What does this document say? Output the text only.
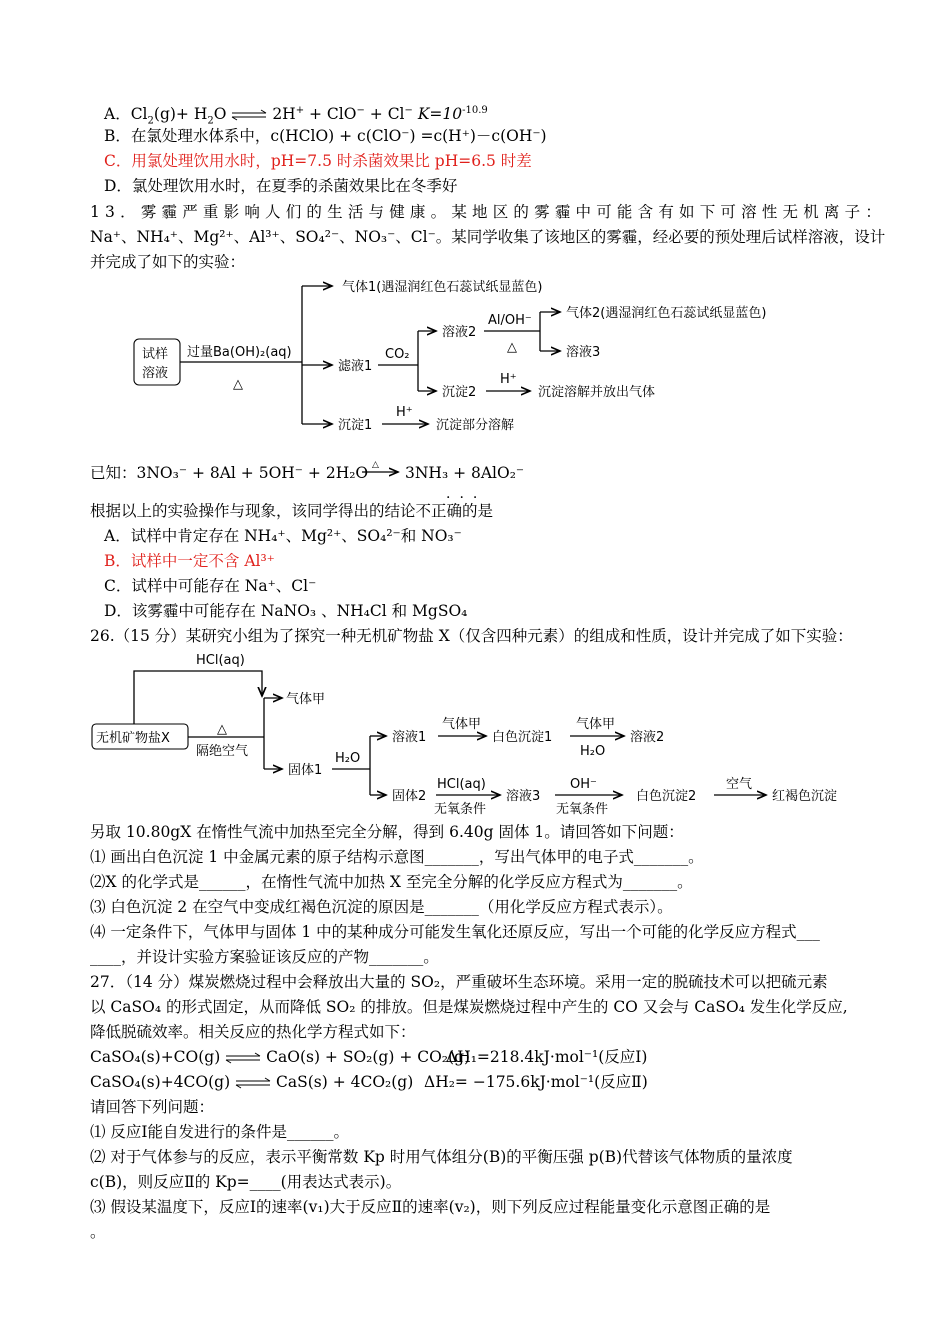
A．$Cl_2(g)+ H_2O$ ⇌ 2H+ + ClO− + Cl− $K=10^{-10.9}$
B．在氯处理水体系中，c(HClO) + c(ClO⁻) =c(H⁺)－c(OH⁻)
C．用氯处理饮用水时，pH=7.5 时杀菌效果比 pH=6.5 时差
D．氯处理饮用水时，在夏季的杀菌效果比在冬季好
13．雾霾严重影响人们的生活与健康。某地区的雾霾中可能含有如下可溶性无机离子：
Na⁺、NH₄⁺、Mg²⁺、Al³⁺、SO₄²⁻、NO₃⁻、Cl⁻。某同学收集了该地区的雾霾，经必要的预处理后试样溶液，设计
并完成了如下的实验：
试样
溶液
过量Ba(OH)₂(aq)
△
气体1(遇湿润红色石蕊试纸显蓝色)
滤液1
CO₂
溶液2
Al/OH⁻
△
气体2(遇湿润红色石蕊试纸显蓝色)
溶液3
沉淀2
H⁺
沉淀溶解并放出气体
沉淀1
H⁺
沉淀部分溶解
△
已知：3NO₃⁻ + 8Al + 5OH⁻ + 2H₂O 3NH₃ + 8AlO₂⁻
···
根据以上的实验操作与现象，该同学得出的结论不正确的是
A．试样中肯定存在 NH₄⁺、Mg²⁺、SO₄²⁻和 NO₃⁻
B．试样中一定不含 Al³⁺
C．试样中可能存在 Na⁺、Cl⁻
D．该雾霾中可能存在 NaNO₃ 、NH₄Cl 和 MgSO₄
26.（15 分）某研究小组为了探究一种无机矿物盐 X（仅含四种元素）的组成和性质，设计并完成了如下实验：
HCl(aq)
无机矿物盐X
△
隔绝空气
气体甲
固体1
H₂O
溶液1
气体甲
白色沉淀1
气体甲
H₂O
溶液2
固体2
HCl(aq)
无氧条件
溶液3
OH⁻
无氧条件
白色沉淀2
空气
红褐色沉淀
另取 10.80gX 在惰性气流中加热至完全分解，得到 6.40g 固体 1。请回答如下问题：
⑴ 画出白色沉淀 1 中金属元素的原子结构示意图_______，写出气体甲的电子式_______。
⑵X 的化学式是______，在惰性气流中加热 X 至完全分解的化学反应方程式为_______。
⑶ 白色沉淀 2 在空气中变成红褐色沉淀的原因是_______（用化学反应方程式表示）。
⑷ 一定条件下，气体甲与固体 1 中的某种成分可能发生氧化还原反应，写出一个可能的化学反应方程式___
____，并设计实验方案验证该反应的产物_______。
27．（14 分）煤炭燃烧过程中会释放出大量的 SO₂，严重破坏生态环境。采用一定的脱硫技术可以把硫元素
以 CaSO₄ 的形式固定，从而降低 SO₂ 的排放。但是煤炭燃烧过程中产生的 CO 又会与 CaSO₄ 发生化学反应,
降低脱硫效率。相关反应的热化学方程式如下：
CaSO₄(s)+CO(g) ⇌ CaO(s) + SO₂(g) + CO₂(g)
ΔH₁=218.4kJ·mol⁻¹(反应Ⅰ)
CaSO₄(s)+4CO(g) ⇌ CaS(s) + 4CO₂(g) ΔH₂= −175.6kJ·mol⁻¹(反应Ⅱ)
请回答下列问题：
⑴ 反应Ⅰ能自发进行的条件是______。
⑵ 对于气体参与的反应，表示平衡常数 Kp 时用气体组分(B)的平衡压强 p(B)代替该气体物质的量浓度
c(B)，则反应Ⅱ的 Kp=____(用表达式表示)。
⑶ 假设某温度下，反应Ⅰ的速率(v₁)大于反应Ⅱ的速率(v₂)，则下列反应过程能量变化示意图正确的是
。
